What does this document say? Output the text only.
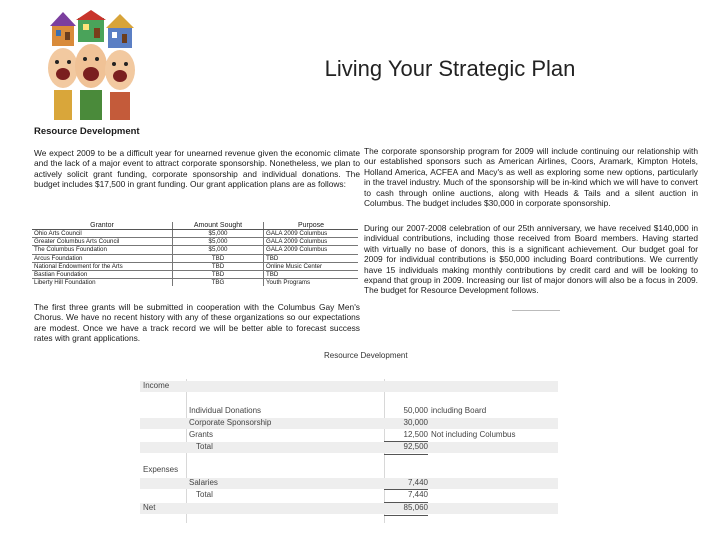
Living Your Strategic Plan
Resource Development
We expect 2009 to be a difficult year for unearned revenue given the economic climate and the lack of a major event to attract corporate sponsorship. Nonetheless, we plan to actively solicit grant funding, corporate sponsorship and individual donations. The budget includes $17,500 in grant funding. Our grant application plans are as follows:
The corporate sponsorship program for 2009 will include continuing our relationship with our established sponsors such as American Airlines, Coors, Aramark, Kimpton Hotels, Holland America, ACFEA and Macy's as well as exploring some new options, particularly in the travel industry. Much of the sponsorship will be in-kind which we will have to convert to cash through online auctions, along with Heads & Tails and a silent auction in Columbus. The budget includes $30,000 in corporate sponsorship.
During our 2007-2008 celebration of our 25th anniversary, we have received $140,000 in individual contributions, including those received from Board members. Having started with virtually no base of donors, this is a significant achievement. Our budget goal for 2009 for individual contributions is $50,000 including Board contributions. We currently have 15 individuals making monthly contributions by credit card and will be looking to expand that group in 2009. Increasing our list of major donors will also be a focus in 2009. The budget for Resource Development follows.
The first three grants will be submitted in cooperation with the Columbus Gay Men's Chorus. We have no recent history with any of these organizations so our expectations are modest. Once we have a track record we will be better able to forecast success rates with grant applications.
Grantor	Amount Sought	Purpose
Ohio Arts Council	$5,000	GALA 2009 Columbus
Greater Columbus Arts Council	$5,000	GALA 2009 Columbus
The Columbus Foundation	$5,000	GALA 2009 Columbus
Arcus Foundation	TBD	TBD
National Endowment for the Arts	TBD	Online Music Center
Bastian Foundation	TBD	TBD
Liberty Hill Foundation	TBG	Youth Programs
Resource Development
Income
Individual Donations	50,000 including Board
Corporate Sponsorship	30,000
Grants	12,500 Not including Columbus
Total	92,500
Expenses
Salaries	7,440
Total	7,440
Net	85,060
